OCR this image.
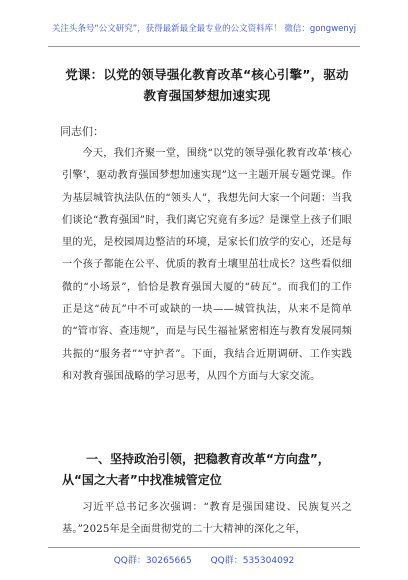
关注头条号“公文研究”，获得最新最全最专业的公文资料库！ 微信：gongwenyj
党课：以党的领导强化教育改革“核心引擎”，驱动教育强国梦想加速实现
同志们：

今天，我们齐聚一堂，围绕“以党的领导强化教育改革‘核心引擎’，驱动教育强国梦想加速实现”这一主题开展专题党课。作为基层城管执法队伍的“领头人”，我想先问大家一个问题：当我们谈论“教育强国”时，我们离它究竟有多远？是课堂上孩子们眼里的光，是校园周边整洁的环境，是家长们放学的安心，还是每一个孩子都能在公平、优质的教育土壤里茁壮成长？这些看似细微的“小场景”，恰恰是教育强国大厦的“砖瓦”。而我们的工作正是这“砖瓦”中不可或缺的一块——城管执法，从来不是简单的“管市容、查违规”，而是与民生福祉紧密相连与教育发展同频共振的“服务者”“守护者”。下面，我结合近期调研、工作实践和对教育强国战略的学习思考，从四个方面与大家交流。

一、坚持政治引领，把稳教育改革“方向盘”，从“国之大者”中找准城管定位

习近平总书记多次强调：“教育是强国建设、民族复兴之基。”2025年是全面贯彻党的二十大精神的深化之年，

QQ群：30265665 QQ群：535304092
